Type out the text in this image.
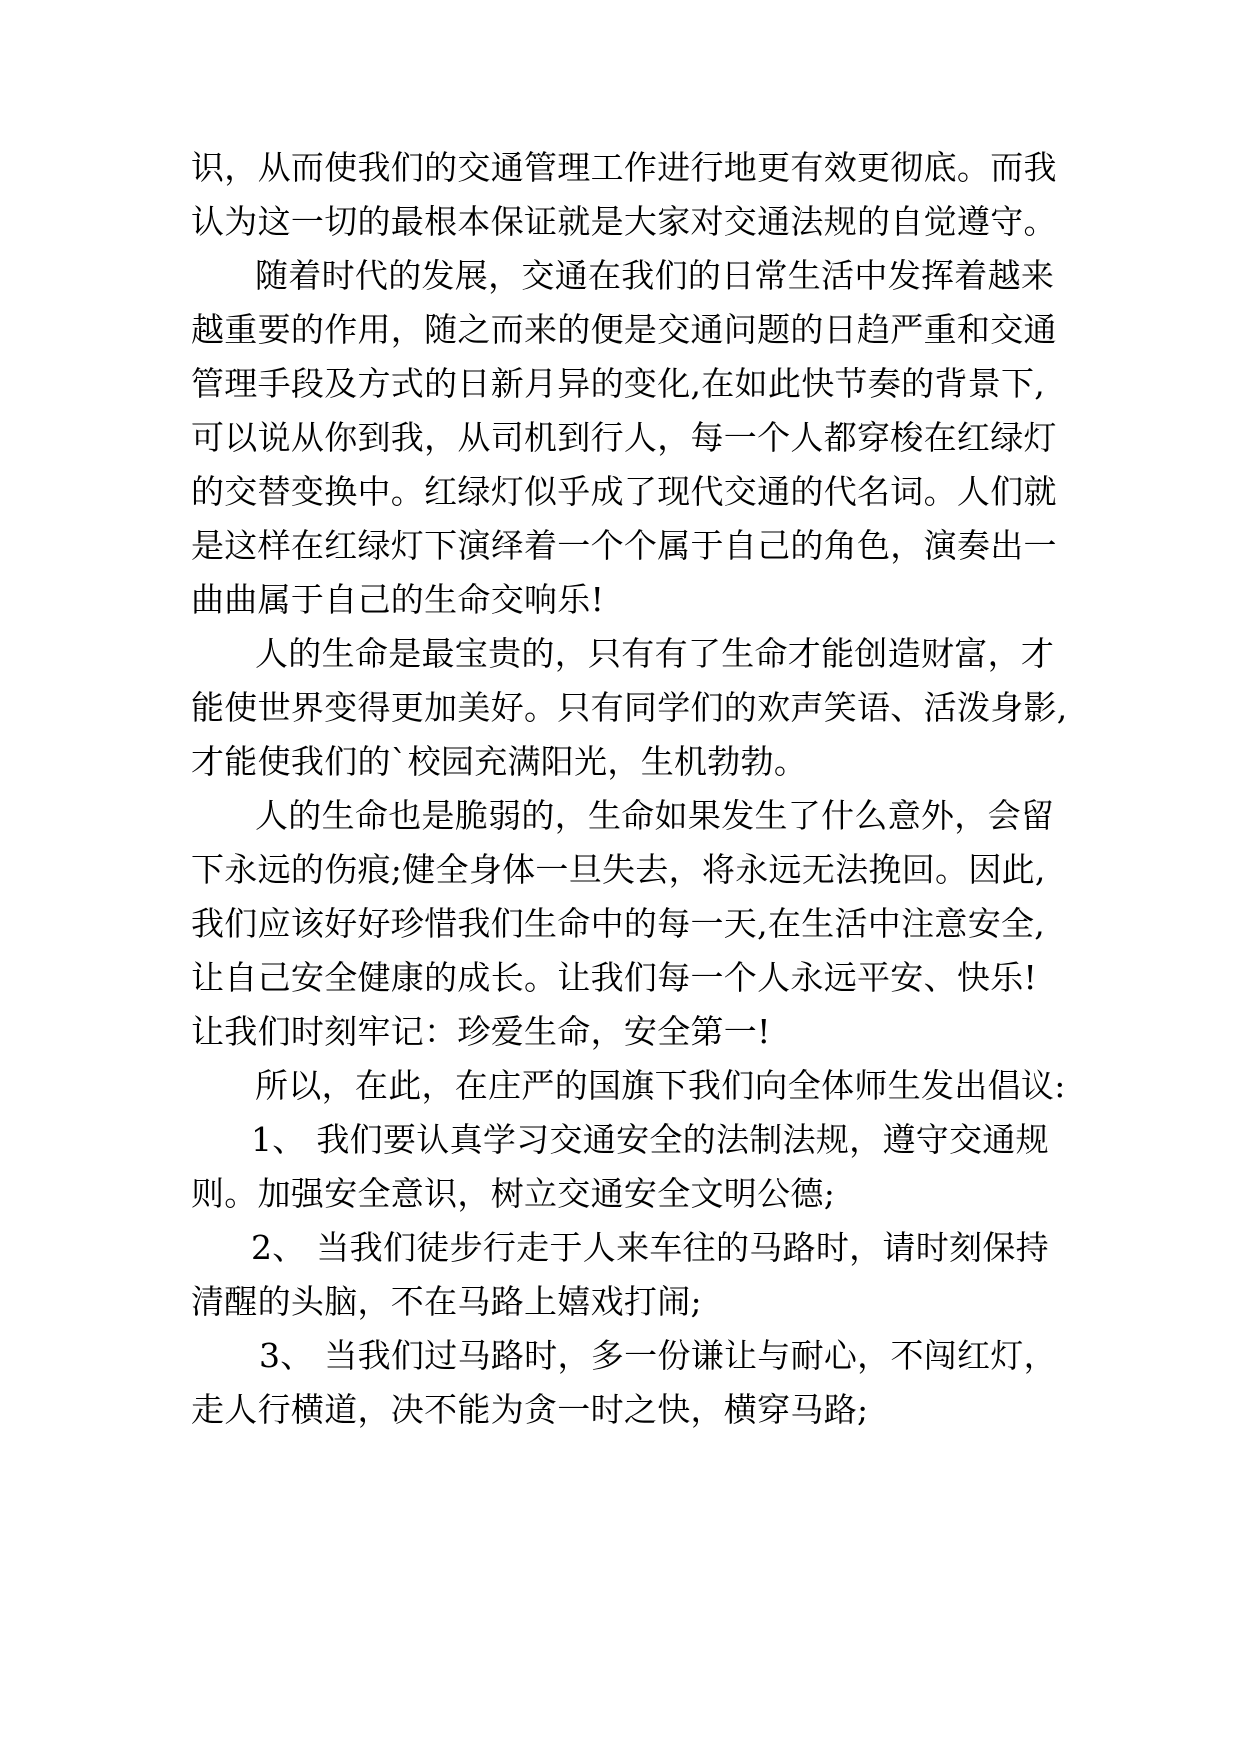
识，从而使我们的交通管理工作进行地更有效更彻底。而我
认为这一切的最根本保证就是大家对交通法规的自觉遵守。
随着时代的发展，交通在我们的日常生活中发挥着越来
越重要的作用，随之而来的便是交通问题的日趋严重和交通
管理手段及方式的日新月异的变化,在如此快节奏的背景下,
可以说从你到我，从司机到行人，每一个人都穿梭在红绿灯
的交替变换中。红绿灯似乎成了现代交通的代名词。人们就
是这样在红绿灯下演绎着一个个属于自己的角色，演奏出一
曲曲属于自己的生命交响乐!
人的生命是最宝贵的，只有有了生命才能创造财富，才
能使世界变得更加美好。只有同学们的欢声笑语、活泼身影,
才能使我们的`校园充满阳光，生机勃勃。
人的生命也是脆弱的，生命如果发生了什么意外，会留
下永远的伤痕;健全身体一旦失去，将永远无法挽回。因此,
我们应该好好珍惜我们生命中的每一天,在生活中注意安全,
让自己安全健康的成长。让我们每一个人永远平安、快乐!
让我们时刻牢记：珍爱生命，安全第一!
所以，在此，在庄严的国旗下我们向全体师生发出倡议:
1、 我们要认真学习交通安全的法制法规，遵守交通规
则。加强安全意识，树立交通安全文明公德;
2、 当我们徒步行走于人来车往的马路时，请时刻保持
清醒的头脑，不在马路上嬉戏打闹;
3、 当我们过马路时，多一份谦让与耐心，不闯红灯，
走人行横道，决不能为贪一时之快，横穿马路;
